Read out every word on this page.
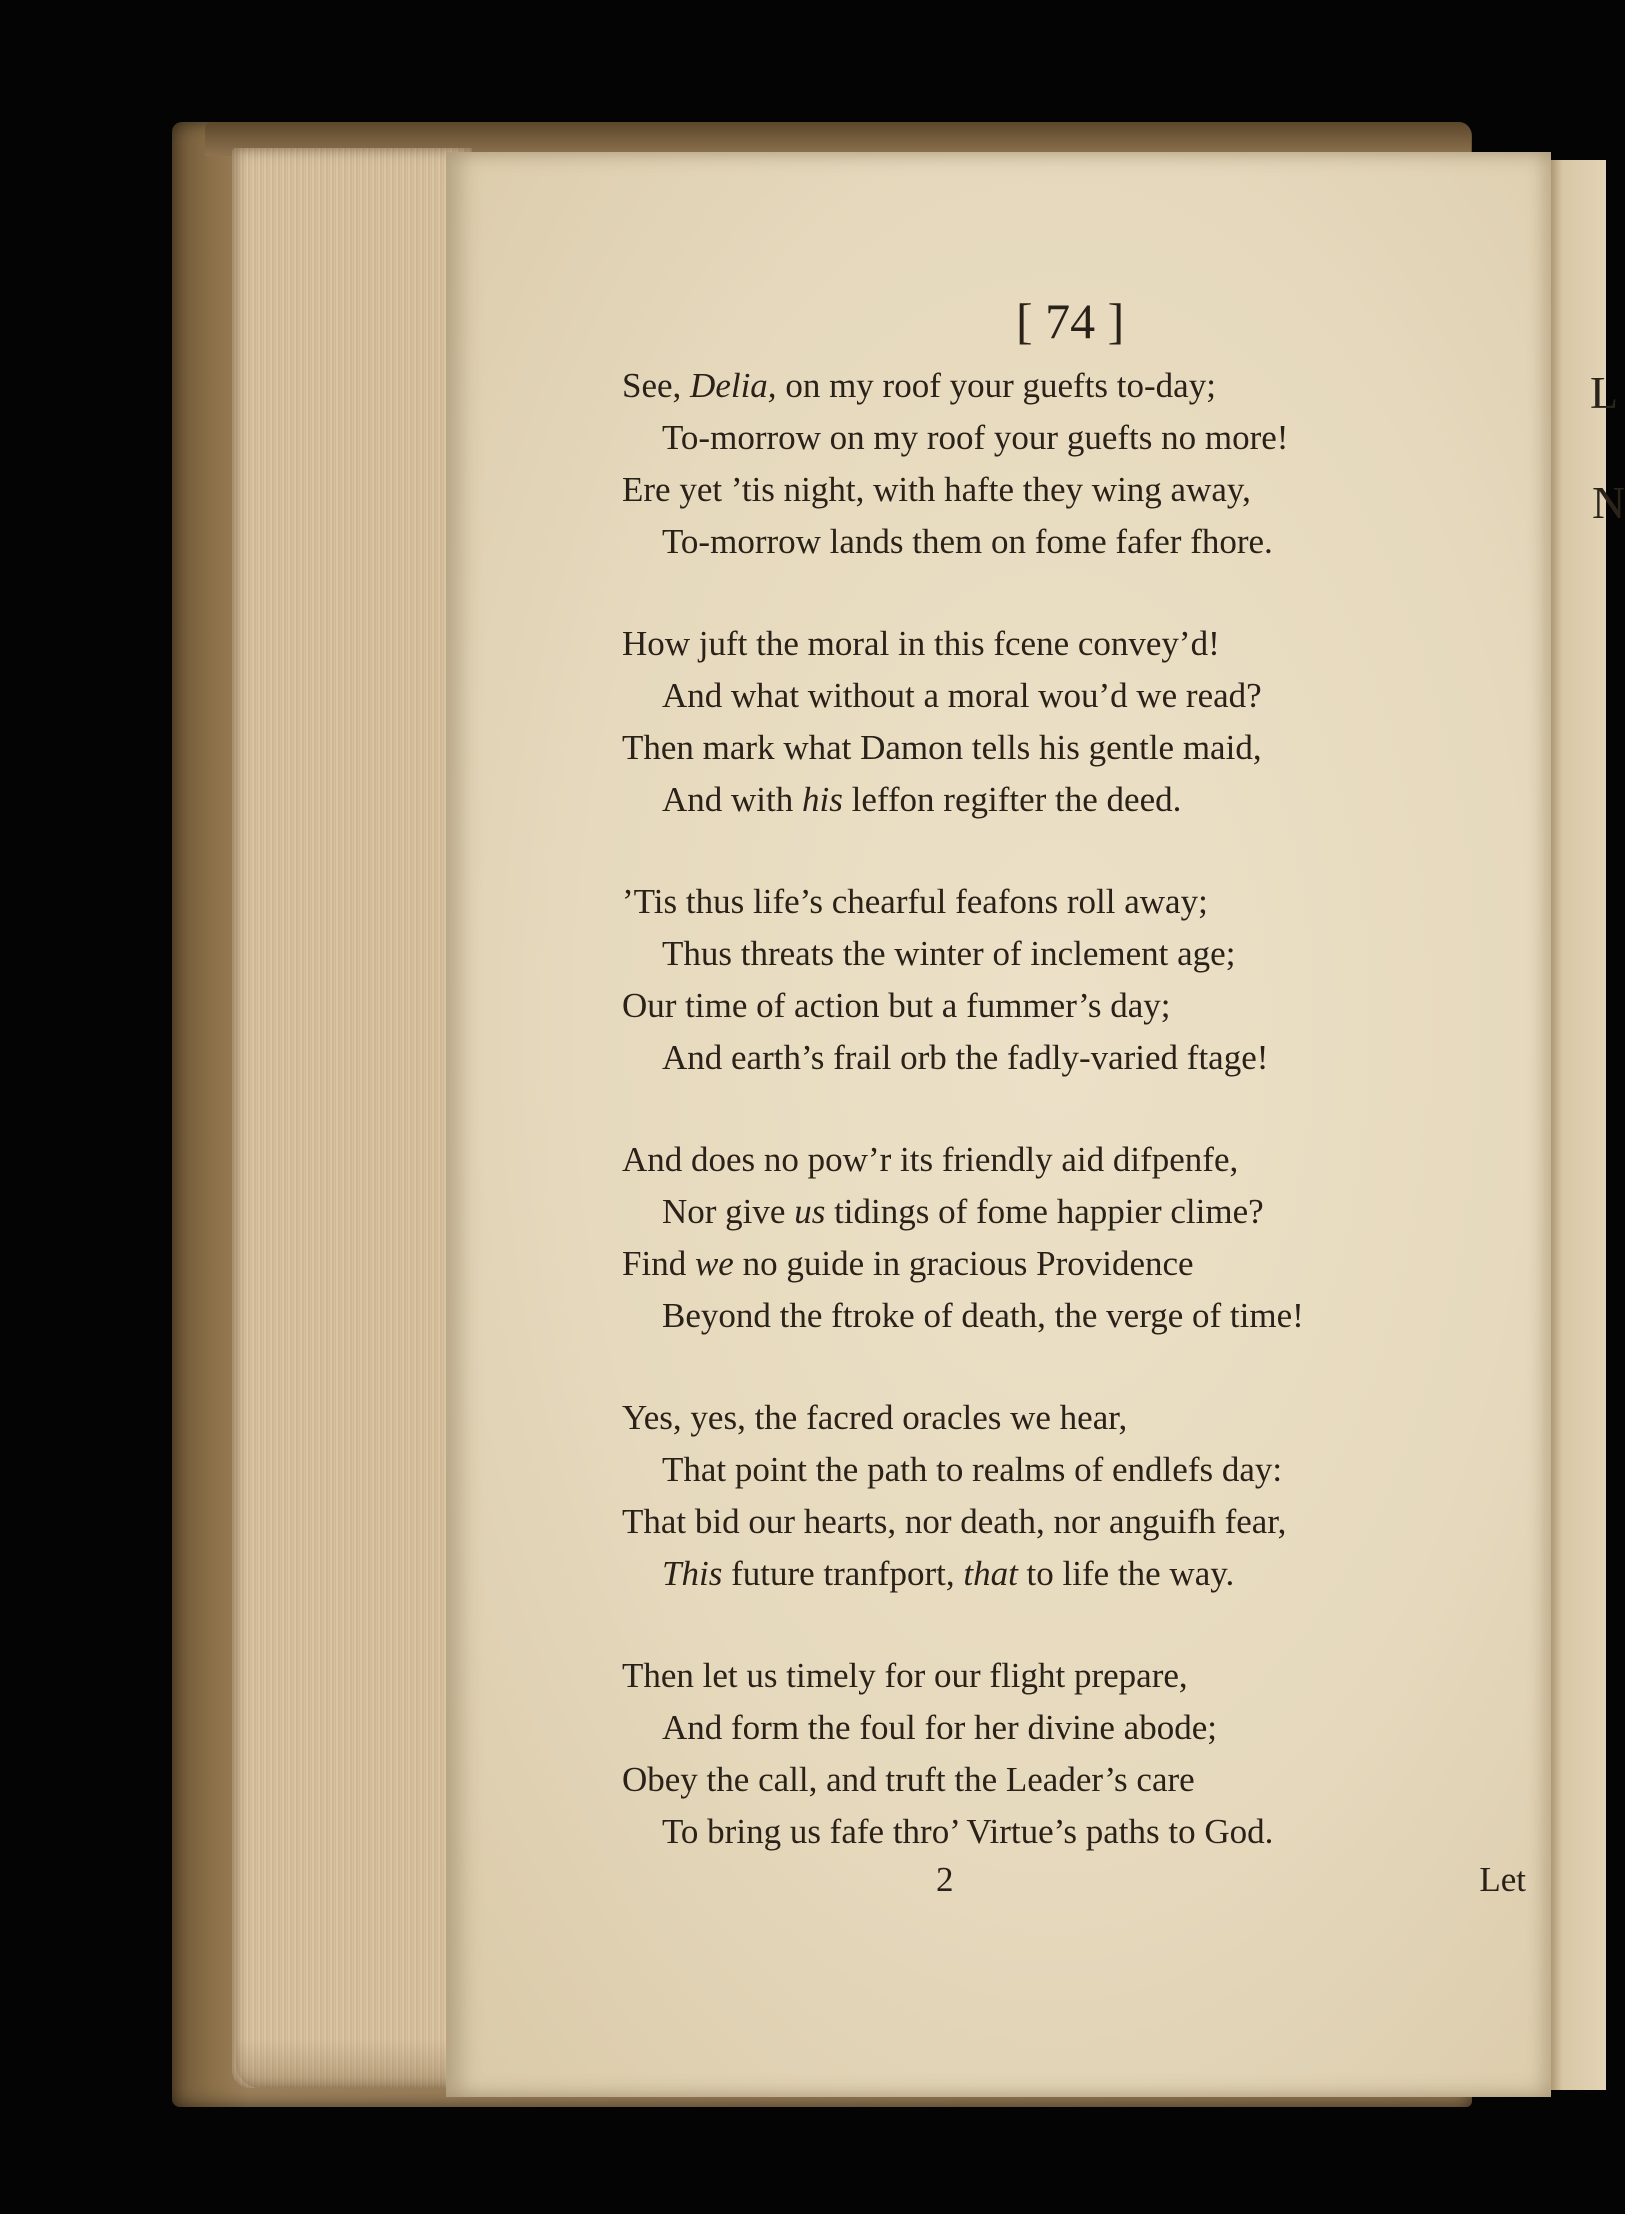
L
N
[ 74 ]
See, Delia, on my roof your guefts to-day;
To-morrow on my roof your guefts no more!
Ere yet ’tis night, with hafte they wing away,
To-morrow lands them on fome fafer fhore.
How juft the moral in this fcene convey’d!
And what without a moral wou’d we read?
Then mark what Damon tells his gentle maid,
And with his leffon regifter the deed.
’Tis thus life’s chearful feafons roll away;
Thus threats the winter of inclement age;
Our time of action but a fummer’s day;
And earth’s frail orb the fadly-varied ftage!
And does no pow’r its friendly aid difpenfe,
Nor give us tidings of fome happier clime?
Find we no guide in gracious Providence
Beyond the ftroke of death, the verge of time!
Yes, yes, the facred oracles we hear,
That point the path to realms of endlefs day:
That bid our hearts, nor death, nor anguifh fear,
This future tranfport, that to life the way.
Then let us timely for our flight prepare,
And form the foul for her divine abode;
Obey the call, and truft the Leader’s care
To bring us fafe thro’ Virtue’s paths to God.
2	Let
